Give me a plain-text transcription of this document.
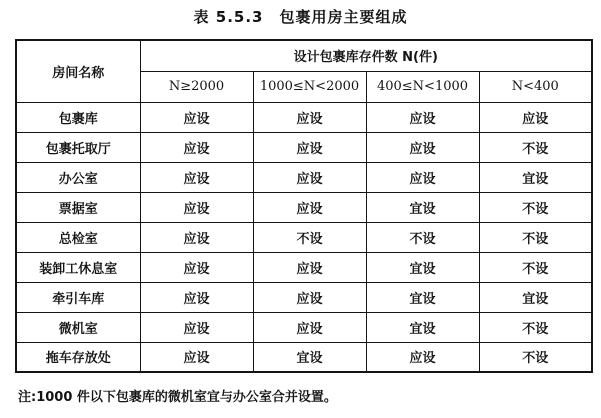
表 5.5.3　包裹用房主要组成
房间名称	设计包裹库存件数 N(件)			
	N≥2000	1000≤N<2000	400≤N<1000	N<400
包裹库	应设	应设	应设	应设
包裹托取厅	应设	应设	应设	不设
办公室	应设	应设	应设	宜设
票据室	应设	应设	宜设	不设
总检室	应设	不设	不设	不设
装卸工休息室	应设	应设	宜设	不设
牵引车库	应设	应设	宜设	宜设
微机室	应设	应设	宜设	不设
拖车存放处	应设	宜设	应设	不设
注:1000 件以下包裹库的微机室宜与办公室合并设置。
